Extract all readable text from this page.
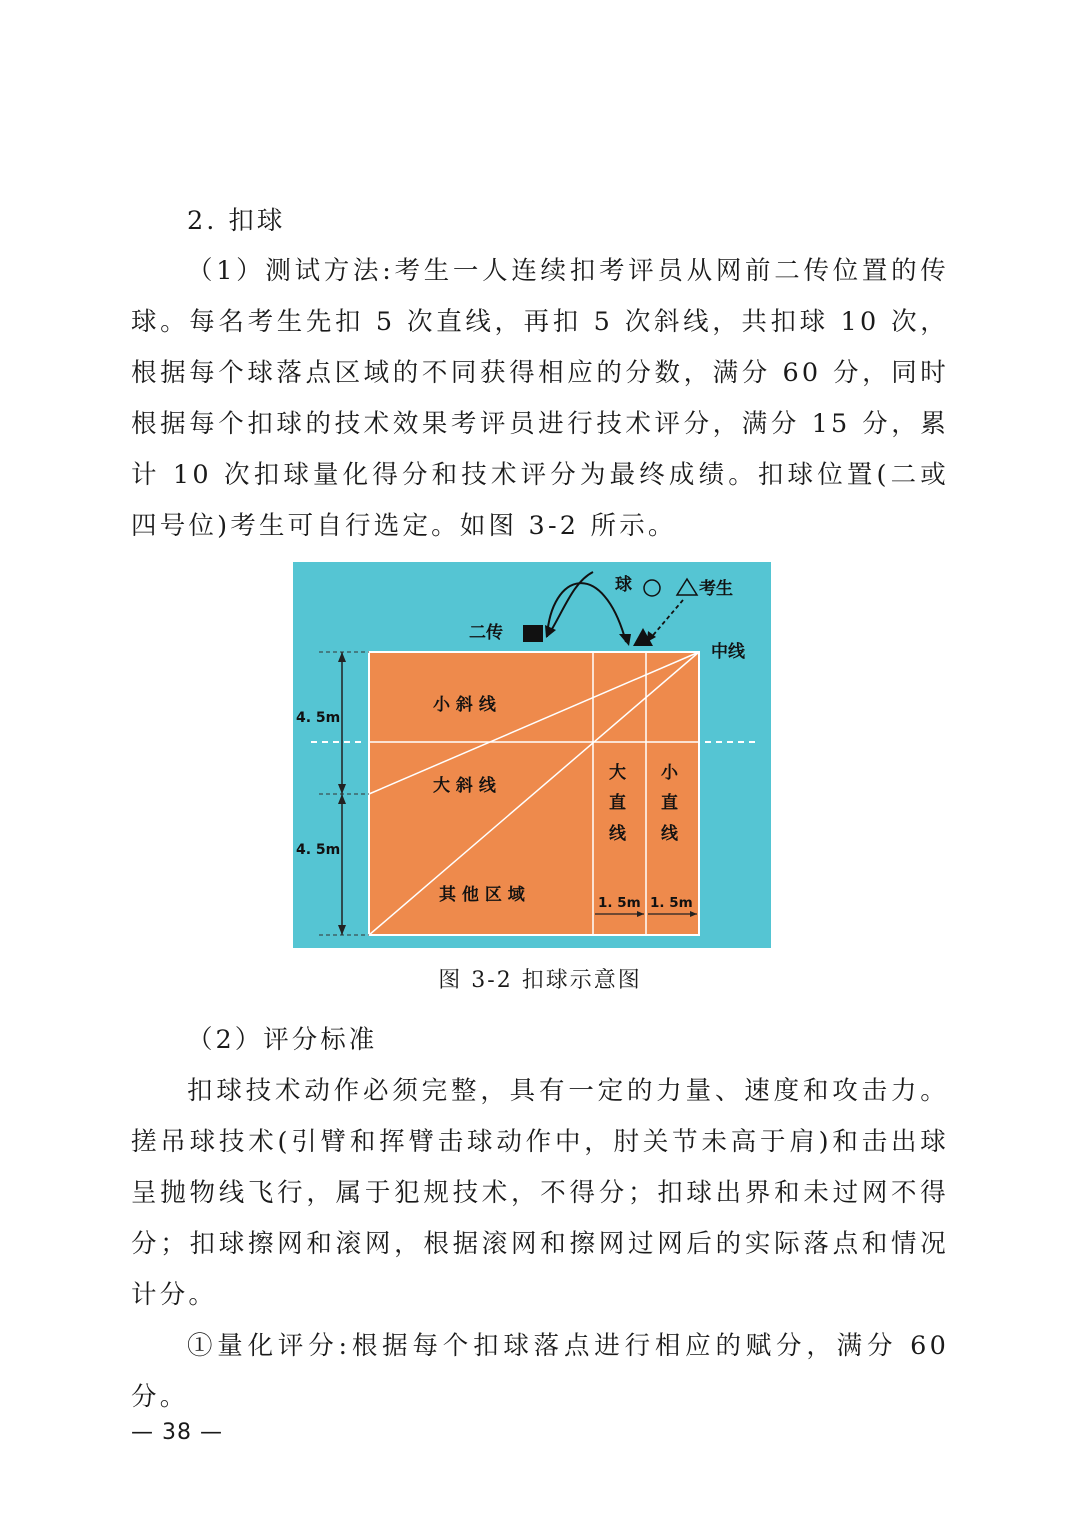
2. 扣球

（1）测试方法:考生一人连续扣考评员从网前二传位置的传球。每名考生先扣 5 次直线，再扣 5 次斜线，共扣球 10 次，根据每个球落点区域的不同获得相应的分数，满分 60 分，同时根据每个扣球的技术效果考评员进行技术评分，满分 15 分，累计 10 次扣球量化得分和技术评分为最终成绩。扣球位置(二或四号位)考生可自行选定。如图 3-2 所示。

球	考生
二传
中线
小 斜 线
大 斜 线
其 他 区 域
大
直
线
小
直
线
4. 5m
4. 5m
1. 5m 1. 5m

图 3-2 扣球示意图

（2）评分标准

扣球技术动作必须完整，具有一定的力量、速度和攻击力。搓吊球技术(引臂和挥臂击球动作中，肘关节未高于肩)和击出球呈抛物线飞行，属于犯规技术，不得分；扣球出界和未过网不得分；扣球擦网和滚网，根据滚网和擦网过网后的实际落点和情况计分。

①量化评分:根据每个扣球落点进行相应的赋分，满分 60 分。

— 38 —
